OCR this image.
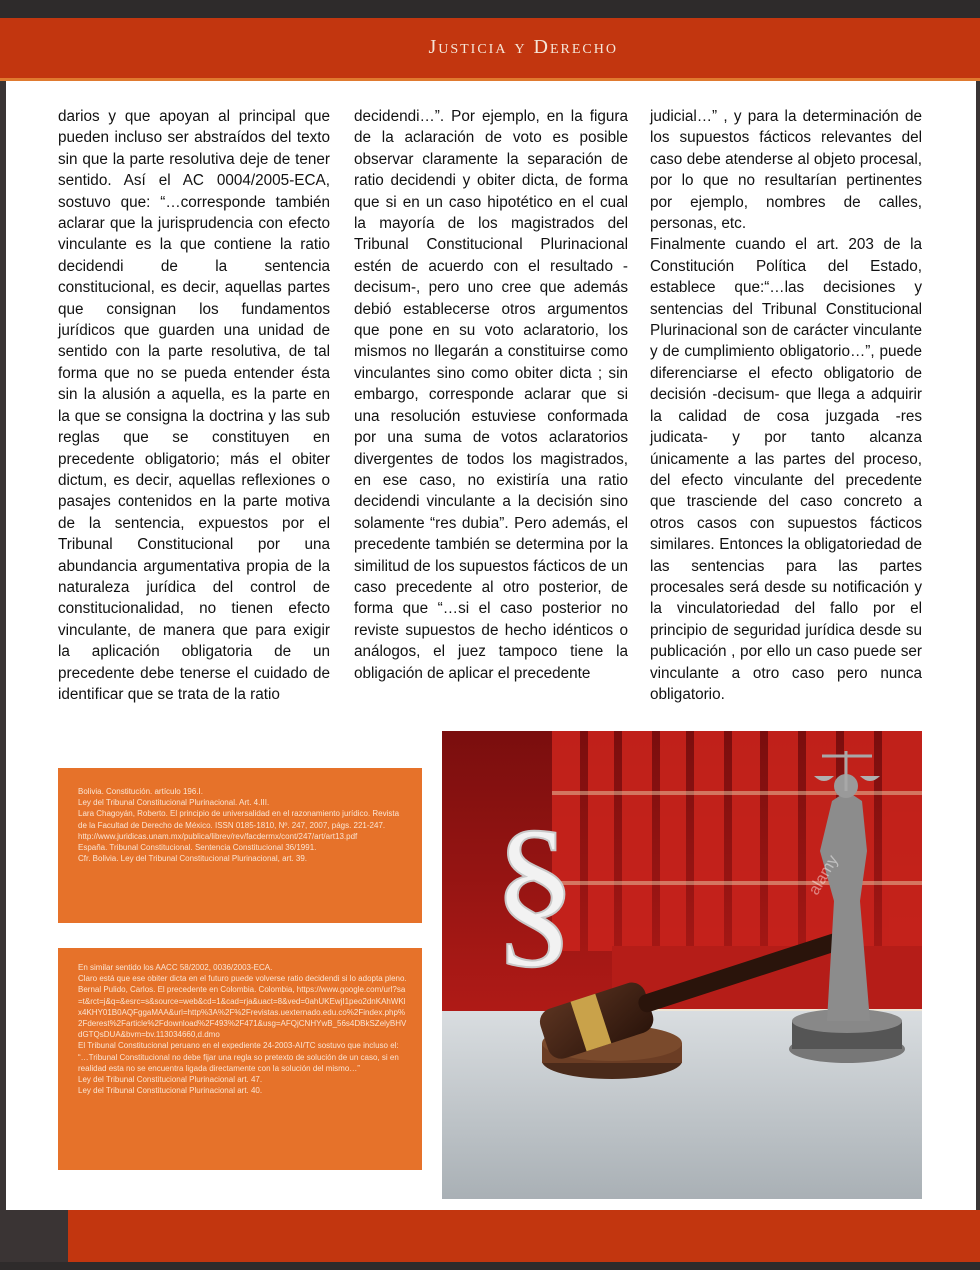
Justicia y Derecho

darios y que apoyan al principal que pueden incluso ser abstraídos del texto sin que la parte resolutiva deje de tener sentido. Así el AC 0004/2005-ECA, sostuvo que: “…corresponde también aclarar que la jurisprudencia con efecto vinculante es la que contiene la ratio decidendi de la sentencia constitucional, es decir, aquellas partes que consignan los fundamentos jurídicos que guarden una unidad de sentido con la parte resolutiva, de tal forma que no se pueda entender ésta sin la alusión a aquella, es la parte en la que se consigna la doctrina y las sub reglas que se constituyen en precedente obligatorio; más el obiter dictum, es decir, aquellas reflexiones o pasajes contenidos en la parte motiva de la sentencia, expuestos por el Tribunal Constitucional por una abundancia argumentativa propia de la naturaleza jurídica del control de constitucionalidad, no tienen efecto vinculante, de manera que para exigir la aplicación obligatoria de un precedente debe tenerse el cuidado de identificar que se trata de la ratio

decidendi…”. Por ejemplo, en la figura de la aclaración de voto es posible observar claramente la separación de ratio decidendi y obiter dicta, de forma que si en un caso hipotético en el cual la mayoría de los magistrados del Tribunal Constitucional Plurinacional estén de acuerdo con el resultado -decisum-, pero uno cree que además debió establecerse otros argumentos que pone en su voto aclaratorio, los mismos no llegarán a constituirse como vinculantes sino como obiter dicta ; sin embargo, corresponde aclarar que si una resolución estuviese conformada por una suma de votos aclaratorios divergentes de todos los magistrados, en ese caso, no existiría una ratio decidendi vinculante a la decisión sino solamente “res dubia”. Pero además, el precedente también se determina por la similitud de los supuestos fácticos de un caso precedente al otro posterior, de forma que “…si el caso posterior no reviste supuestos de hecho idénticos o análogos, el juez tampoco tiene la obligación de aplicar el precedente

judicial…” , y para la determinación de los supuestos fácticos relevantes del caso debe atenderse al objeto procesal, por lo que no resultarían pertinentes por ejemplo, nombres de calles, personas, etc.

Finalmente cuando el art. 203 de la Constitución Política del Estado, establece que:“…las decisiones y sentencias del Tribunal Constitucional Plurinacional son de carácter vinculante y de cumplimiento obligatorio…”, puede diferenciarse el efecto obligatorio de decisión -decisum- que llega a adquirir la calidad de cosa juzgada -res judicata- y por tanto alcanza únicamente a las partes del proceso, del efecto vinculante del precedente que trasciende del caso concreto a otros casos con supuestos fácticos similares. Entonces la obligatoriedad de las sentencias para las partes procesales será desde su notificación y la vinculatoriedad del fallo por el principio de seguridad jurídica desde su publicación , por ello un caso puede ser vinculante a otro caso pero nunca obligatorio.

Bolivia. Constitución. artículo 196.I.
Ley del Tribunal Constitucional Plurinacional. Art. 4.III.
Lara Chagoyán, Roberto. El principio de universalidad en el razonamiento jurídico. Revista de la Facultad de Derecho de México. ISSN 0185-1810, Nº. 247, 2007, págs. 221-247. http://www.juridicas.unam.mx/publica/librev/rev/facdermx/cont/247/art/art13.pdf
España. Tribunal Constitucional. Sentencia Constitucional 36/1991.
Cfr. Bolivia. Ley del Tribunal Constitucional Plurinacional, art. 39.
En similar sentido los AACC 58/2002, 0036/2003-ECA.
Claro está que ese obiter dicta en el futuro puede volverse ratio decidendi si lo adopta pleno.
Bernal Pulido, Carlos. El precedente en Colombia. Colombia, https://www.google.com/url?sa=t&rct=j&q=&esrc=s&source=web&cd=1&cad=rja&uact=8&ved=0ahUKEwjI1peo2dnKAhWKlx4KHY01B0AQFggaMAA&url=http%3A%2F%2Frevistas.uexternado.edu.co%2Findex.php%2Fderest%2Farticle%2Fdownload%2F493%2F471&usg=AFQjCNHYwB_56s4DBkSZelyBHVdGTQsDUA&bvm=bv.113034660,d.dmo
El Tribunal Constitucional peruano en el expediente 24-2003-AI/TC sostuvo que incluso el: “…Tribunal Constitucional no debe fijar una regla so pretexto de solución de un caso, si en realidad esta no se encuentra ligada directamente con la solución del mismo…”
Ley del Tribunal Constitucional Plurinacional art. 47.
Ley del Tribunal Constitucional Plurinacional art. 40.
§	alamy
